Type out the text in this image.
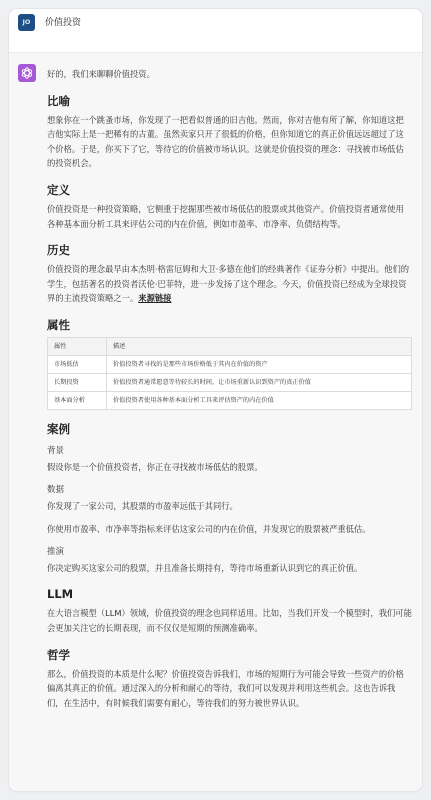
JO	价值投资

好的，我们来聊聊价值投资。

比喻

想象你在一个跳蚤市场，你发现了一把看似普通的旧吉他。然而，你对吉他有所了解，你知道这把吉他实际上是一把稀有的古董。虽然卖家只开了很低的价格，但你知道它的真正价值远远超过了这个价格。于是，你买下了它，等待它的价值被市场认识。这就是价值投资的理念：寻找被市场低估的投资机会。

定义

价值投资是一种投资策略，它侧重于挖掘那些被市场低估的股票或其他资产。价值投资者通常使用各种基本面分析工具来评估公司的内在价值，例如市盈率、市净率、负债结构等。

历史

价值投资的理念最早由本杰明·格雷厄姆和大卫·多德在他们的经典著作《证券分析》中提出。他们的学生，包括著名的投资者沃伦·巴菲特，进一步发扬了这个理念。今天，价值投资已经成为全球投资界的主流投资策略之一。来源链接

属性
属性	描述
市场低估	价值投资者寻找的是那些市场价格低于其内在价值的资产
长期投资	价值投资者通常愿意等待较长的时间，让市场重新认识到资产的真正价值
基本面分析	价值投资者使用各种基本面分析工具来评估资产的内在价值
案例
背景

假设你是一个价值投资者，你正在寻找被市场低估的股票。

数据

你发现了一家公司，其股票的市盈率远低于其同行。

你使用市盈率、市净率等指标来评估这家公司的内在价值，并发现它的股票被严重低估。

推演

你决定购买这家公司的股票，并且准备长期持有，等待市场重新认识到它的真正价值。

LLM

在大语言模型（LLM）领域，价值投资的理念也同样适用。比如，当我们开发一个模型时，我们可能会更加关注它的长期表现，而不仅仅是短期的预测准确率。

哲学

那么，价值投资的本质是什么呢？价值投资告诉我们，市场的短期行为可能会导致一些资产的价格偏离其真正的价值。通过深入的分析和耐心的等待，我们可以发现并利用这些机会。这也告诉我们，在生活中，有时候我们需要有耐心，等待我们的努力被世界认识。
